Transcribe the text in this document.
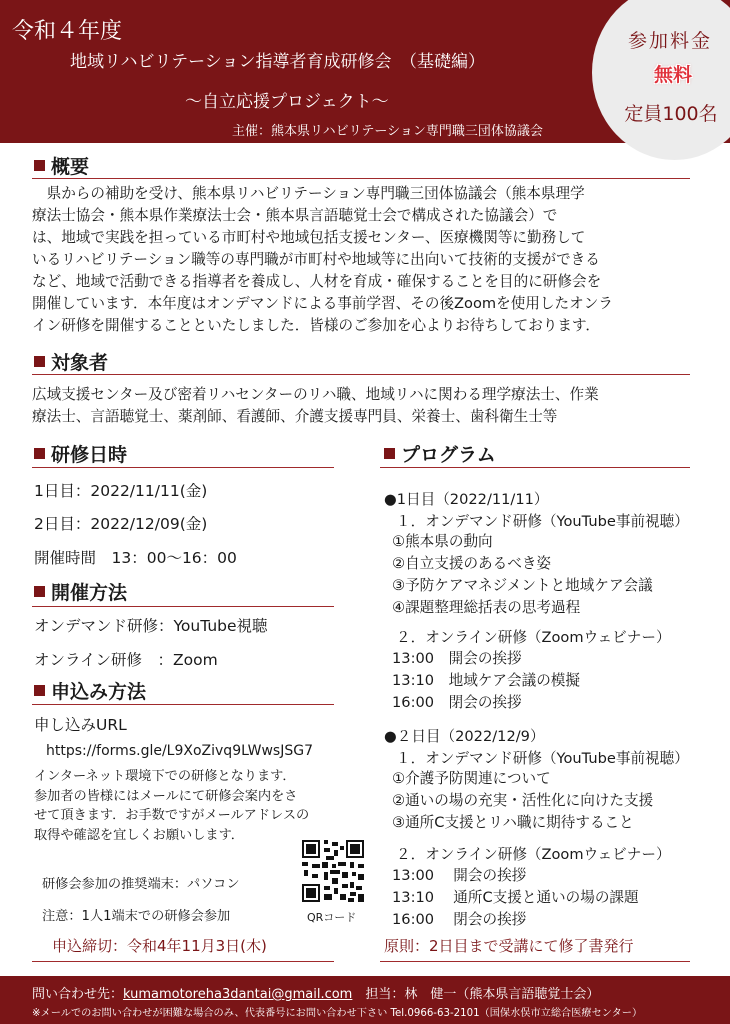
令和４年度
地域リハビリテーション指導者育成研修会　（基礎編）
～自立応援プロジェクト～
主催：熊本県リハビリテーション専門職三団体協議会
参加料金
無料
定員100名
概要
　県からの補助を受け、熊本県リハビリテーション専門職三団体協議会（熊本県理学
療法士協会・熊本県作業療法士会・熊本県言語聴覚士会で構成された協議会）で
は、地域で実践を担っている市町村や地域包括支援センター、医療機関等に勤務して
いるリハビリテーション職等の専門職が市町村や地域等に出向いて技術的支援ができる
など、地域で活動できる指導者を養成し、人材を育成・確保することを目的に研修会を
開催しています．本年度はオンデマンドによる事前学習、その後Zoomを使用したオンラ
イン研修を開催することといたしました．皆様のご参加を心よりお待ちしております．
対象者
広域支援センター及び密着リハセンターのリハ職、地域リハに関わる理学療法士、作業
療法士、言語聴覚士、薬剤師、看護師、介護支援専門員、栄養士、歯科衛生士等
研修日時
1日目：2022/11/11(金)
2日目：2022/12/09(金)
開催時間　13：00～16：00
開催方法
オンデマンド研修：YouTube視聴
オンライン研修　：Zoom
申込み方法
申し込みURL
https://forms.gle/L9XoZivq9LWwsJSG7
インターネット環境下での研修となります．
参加者の皆様にはメールにて研修会案内をさ
せて頂きます．お手数ですがメールアドレスの
取得や確認を宜しくお願いします．
研修会参加の推奨端末：パソコン
注意：1人1端末での研修会参加	QRコード
プログラム
●1日目（2022/11/11）
１．オンデマンド研修（YouTube事前視聴）
①熊本県の動向
②自立支援のあるべき姿
③予防ケアマネジメントと地域ケア会議
④課題整理総括表の思考過程
２．オンライン研修（Zoomウェビナー）
13:00　開会の挨拶
13:10　地域ケア会議の模擬
16:00　閉会の挨拶
●２日目（2022/12/9）
１．オンデマンド研修（YouTube事前視聴）
①介護予防関連について
②通いの場の充実・活性化に向けた支援
③通所C支援とリハ職に期待すること
２．オンライン研修（Zoomウェビナー）
13:00　 開会の挨拶
13:10　 通所C支援と通いの場の課題
16:00　 閉会の挨拶
申込締切：令和4年11月3日(木)	原則：2日目まで受講にて修了書発行
問い合わせ先：kumamotoreha3dantai@gmail.com　担当：林　健一（熊本県言語聴覚士会）
※メールでのお問い合わせが困難な場合のみ、代表番号にお問い合わせ下さい Tel.0966-63-2101（国保水俣市立総合医療センター）
